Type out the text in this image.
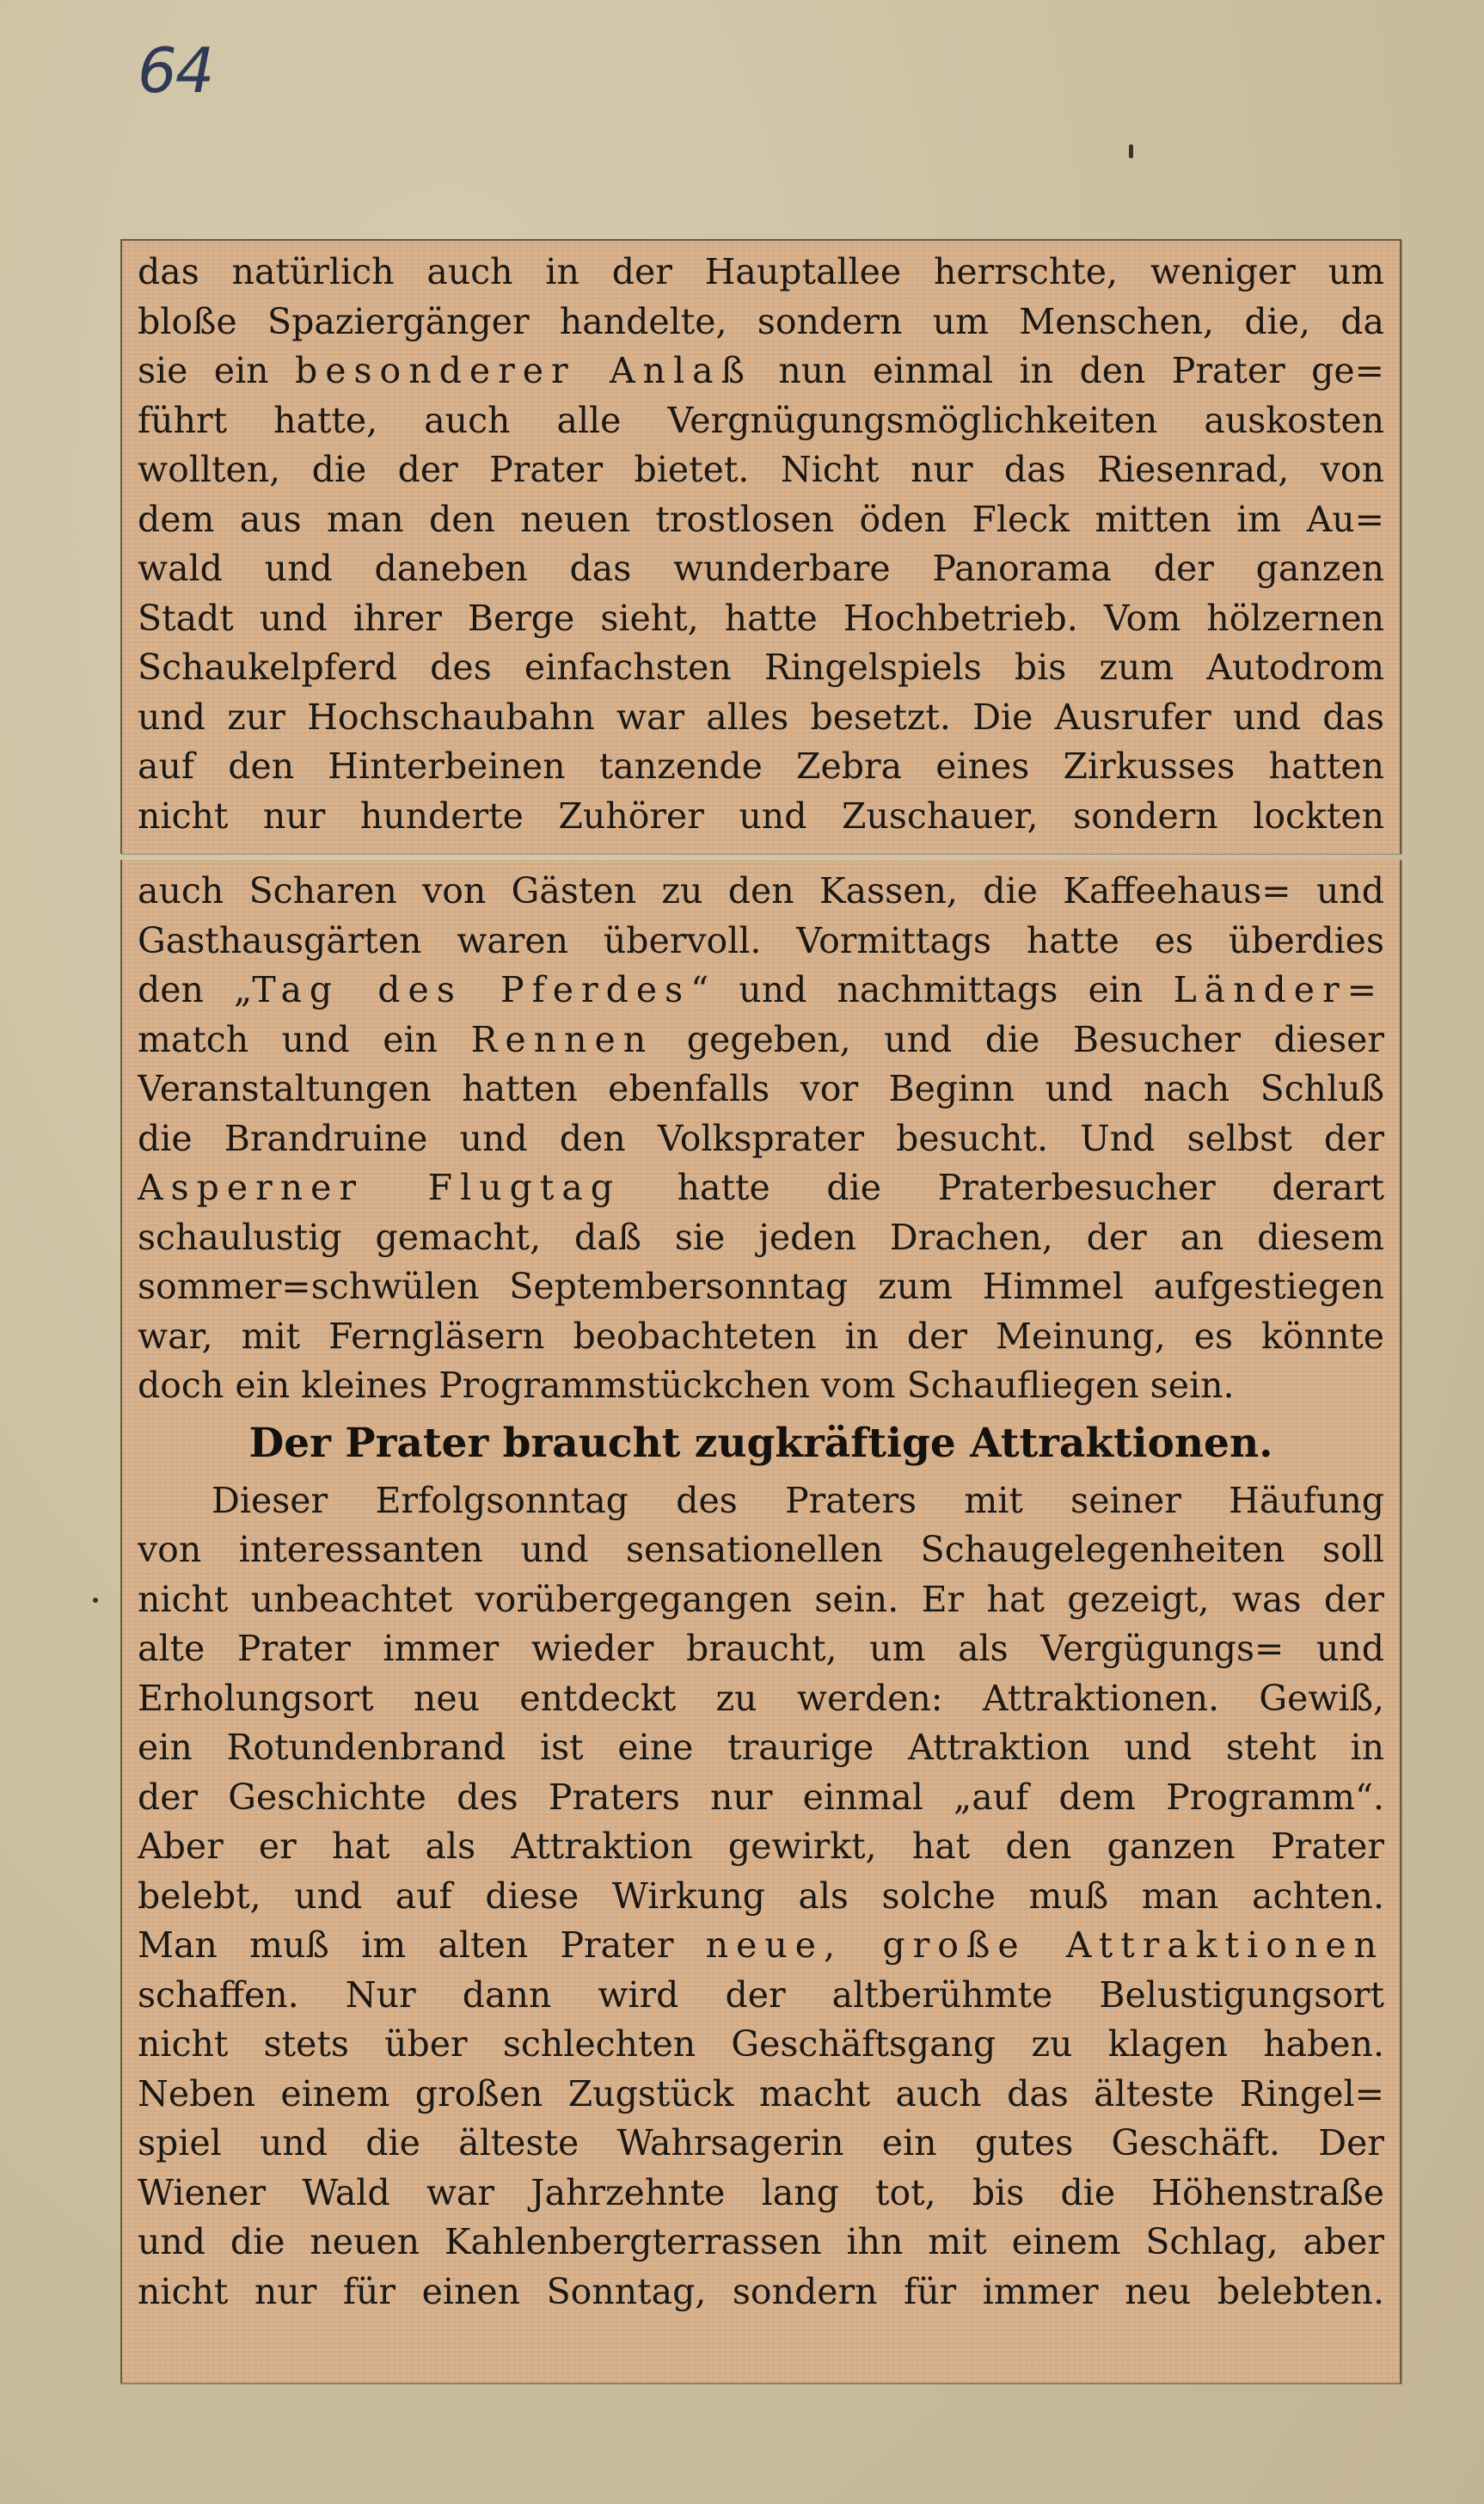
64
das natürlich auch in der Hauptallee herrschte, weniger um
bloße Spaziergänger handelte, sondern um Menschen, die, da
sie ein besonderer Anlaß nun einmal in den Prater ge=
führt hatte, auch alle Vergnügungsmöglichkeiten auskosten
wollten, die der Prater bietet. Nicht nur das Riesenrad, von
dem aus man den neuen trostlosen öden Fleck mitten im Au=
wald und daneben das wunderbare Panorama der ganzen
Stadt und ihrer Berge sieht, hatte Hochbetrieb. Vom hölzernen
Schaukelpferd des einfachsten Ringelspiels bis zum Autodrom
und zur Hochschaubahn war alles besetzt. Die Ausrufer und das
auf den Hinterbeinen tanzende Zebra eines Zirkusses hatten
nicht nur hunderte Zuhörer und Zuschauer, sondern lockten
auch Scharen von Gästen zu den Kassen, die Kaffeehaus= und
Gasthausgärten waren übervoll. Vormittags hatte es überdies
den „Tag des Pferdes“ und nachmittags ein Länder=
match und ein Rennen gegeben, und die Besucher dieser
Veranstaltungen hatten ebenfalls vor Beginn und nach Schluß
die Brandruine und den Volksprater besucht. Und selbst der
Asperner Flugtag hatte die Praterbesucher derart
schaulustig gemacht, daß sie jeden Drachen, der an diesem
sommer=schwülen Septembersonntag zum Himmel aufgestiegen
war, mit Ferngläsern beobachteten in der Meinung, es könnte
doch ein kleines Programmstückchen vom Schaufliegen sein.
Der Prater braucht zugkräftige Attraktionen.
Dieser Erfolgsonntag des Praters mit seiner Häufung
von interessanten und sensationellen Schaugelegenheiten soll
nicht unbeachtet vorübergegangen sein. Er hat gezeigt, was der
alte Prater immer wieder braucht, um als Vergügungs= und
Erholungsort neu entdeckt zu werden: Attraktionen. Gewiß,
ein Rotundenbrand ist eine traurige Attraktion und steht in
der Geschichte des Praters nur einmal „auf dem Programm“.
Aber er hat als Attraktion gewirkt, hat den ganzen Prater
belebt, und auf diese Wirkung als solche muß man achten.
Man muß im alten Prater neue, große Attraktionen
schaffen. Nur dann wird der altberühmte Belustigungsort
nicht stets über schlechten Geschäftsgang zu klagen haben.
Neben einem großen Zugstück macht auch das älteste Ringel=
spiel und die älteste Wahrsagerin ein gutes Geschäft. Der
Wiener Wald war Jahrzehnte lang tot, bis die Höhenstraße
und die neuen Kahlenbergterrassen ihn mit einem Schlag, aber
nicht nur für einen Sonntag, sondern für immer neu belebten.
